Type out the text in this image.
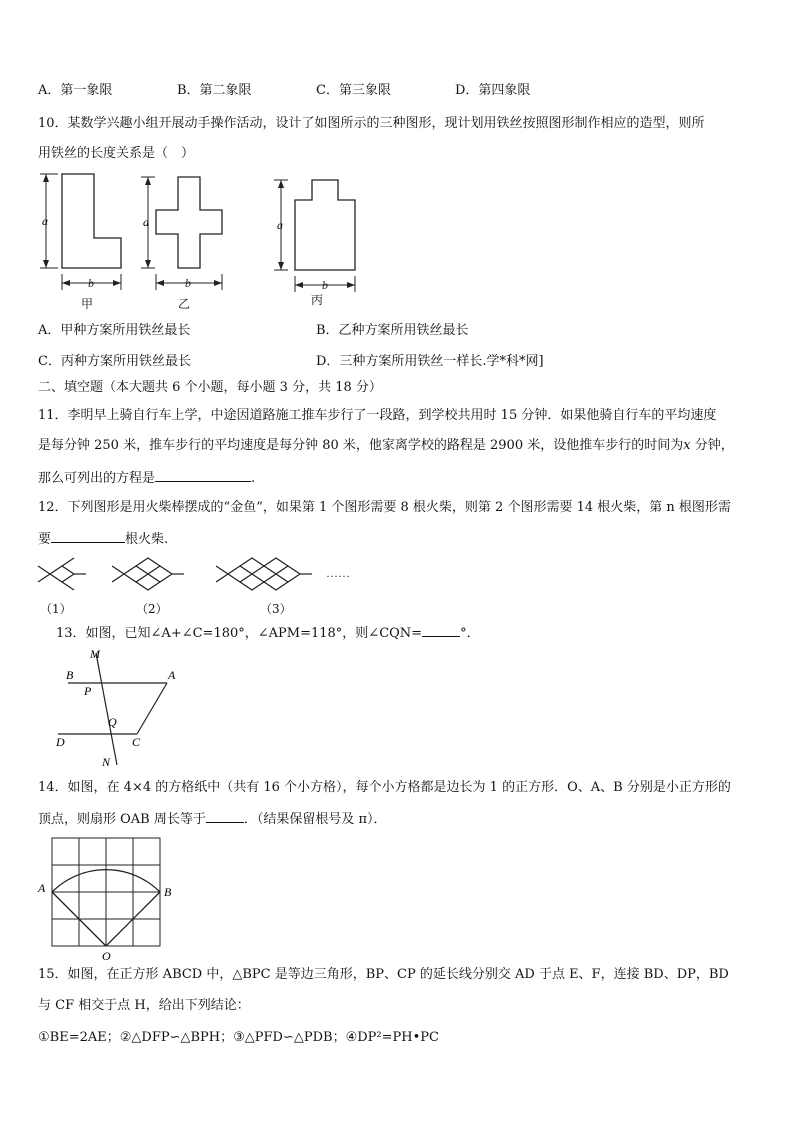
A．第一象限	B．第二象限	C．第三象限	D．第四象限
10．某数学兴趣小组开展动手操作活动，设计了如图所示的三种图形，现计划用铁丝按照图形制作相应的造型，则所
用铁丝的长度关系是（　）
a
b
甲
a
b
乙
a
b
丙
A．甲种方案所用铁丝最长	B．乙种方案所用铁丝最长
C．丙种方案所用铁丝最长	D．三种方案所用铁丝一样长.学*科*网]
二、填空题（本大题共 6 个小题，每小题 3 分，共 18 分）
11．李明早上骑自行车上学，中途因道路施工推车步行了一段路，到学校共用时 15 分钟．如果他骑自行车的平均速度
是每分钟 250 米，推车步行的平均速度是每分钟 80 米，他家离学校的路程是 2900 米，设他推车步行的时间为x 分钟，
那么可列出的方程是	.
12．下列图形是用火柴棒摆成的“金鱼”，如果第 1 个图形需要 8 根火柴，则第 2 个图形需要 14 根火柴，第 n 根图形需
要	根火柴.
……
（1）	（2）	（3）
13．如图，已知∠A+∠C=180°，∠APM=118°，则∠CQN=	°．
M
B	A
P
Q
D	C
N
14．如图，在 4×4 的方格纸中（共有 16 个小方格），每个小方格都是边长为 1 的正方形．O、A、B 分别是小正方形的
顶点，则扇形 OAB 周长等于	．（结果保留根号及 π）．
A	B
O
15．如图，在正方形 ABCD 中，△BPC 是等边三角形，BP、CP 的延长线分别交 AD 于点 E、F，连接 BD、DP，BD
与 CF 相交于点 H，给出下列结论：
①BE=2AE；②△DFP∽△BPH；③△PFD∽△PDB；④DP²=PH•PC
